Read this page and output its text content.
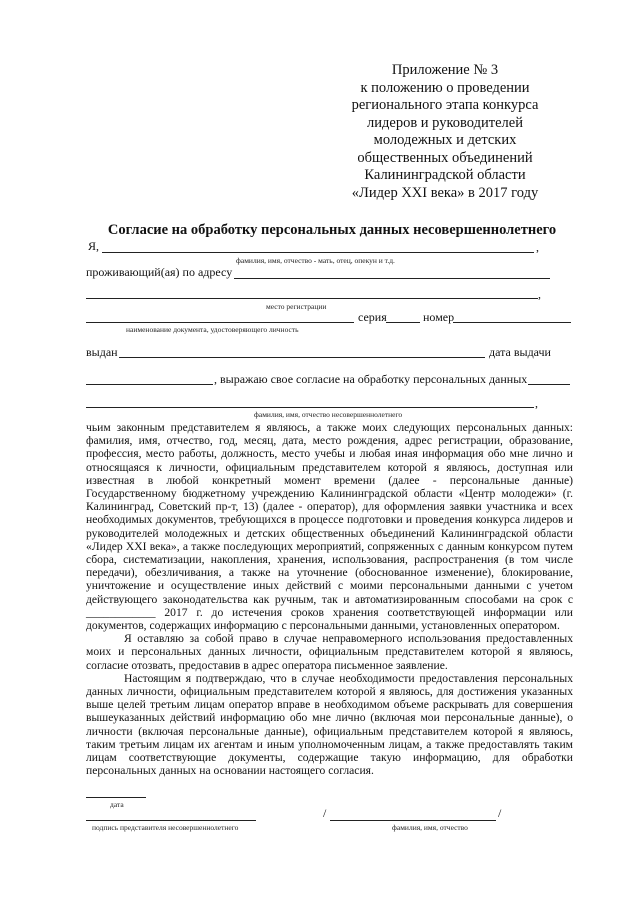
Приложение № 3
к положению о проведении
регионального этапа конкурса
лидеров и руководителей
молодежных и детских
общественных объединений
Калининградской области
«Лидер XXI века» в 2017 году
Согласие на обработку персональных данных несовершеннолетнего
Я,	,
фамилия, имя, отчество - мать, отец, опекун и т.д.
проживающий(ая) по адресу
,
место регистрации
серия	номер
наименование документа, удостоверяющего личность
выдан	дата выдачи
, выражаю свое согласие на обработку персональных данных
,
фамилия, имя, отчество несовершеннолетнего

чьим законным представителем я являюсь, а также моих следующих персональных данных: фамилия, имя, отчество, год, месяц, дата, место рождения, адрес регистрации, образование, профессия, место работы, должность, место учебы и любая иная информация обо мне лично и относящаяся к личности, официальным представителем которой я являюсь, доступная или известная в любой конкретный момент времени (далее - персональные данные) Государственному бюджетному учреждению Калининградской области «Центр молодежи» (г. Калининград, Советский пр-т, 13) (далее - оператор), для оформления заявки участника и всех необходимых документов, требующихся в процессе подготовки и проведения конкурса лидеров и руководителей молодежных и детских общественных объединений Калининградской области «Лидер XXI века», а также последующих мероприятий, сопряженных с данным конкурсом путем сбора, систематизации, накопления, хранения, использования, распространения (в том числе передачи), обезличивания, а также на уточнение (обоснованное изменение), блокирование, уничтожение и осуществление иных действий с моими персональными данными с учетом действующего законодательства как ручным, так и автоматизированным способами на срок с ____________ 2017 г. до истечения сроков хранения соответствующей информации или документов, содержащих информацию с персональными данными, установленных оператором.

Я оставляю за собой право в случае неправомерного использования предоставленных моих и персональных данных личности, официальным представителем которой я являюсь, согласие отозвать, предоставив в адрес оператора письменное заявление.

Настоящим я подтверждаю, что в случае необходимости предоставления персональных данных личности, официальным представителем которой я являюсь, для достижения указанных выше целей третьим лицам оператор вправе в необходимом объеме раскрывать для совершения вышеуказанных действий информацию обо мне лично (включая мои персональные данные), о личности (включая персональные данные), официальным представителем которой я являюсь, таким третьим лицам их агентам и иным уполномоченным лицам, а также предоставлять таким лицам соответствующие документы, содержащие такую информацию, для обработки персональных данных на основании настоящего согласия.

дата
подпись представителя несовершеннолетнего
/	/
фамилия, имя, отчество
